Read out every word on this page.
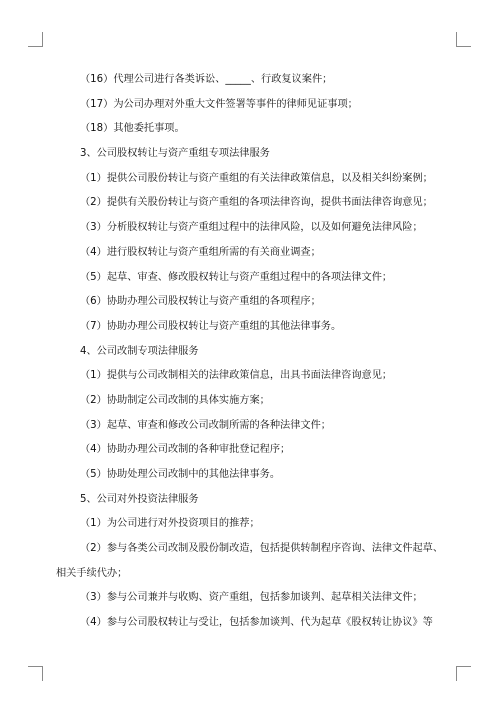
（16）代理公司进行各类诉讼、_____、行政复议案件；
（17）为公司办理对外重大文件签署等事件的律师见证事项；
（18）其他委托事项。
3、公司股权转让与资产重组专项法律服务
（1）提供公司股份转让与资产重组的有关法律政策信息，以及相关纠纷案例；
（2）提供有关股份转让与资产重组的各项法律咨询，提供书面法律咨询意见；
（3）分析股权转让与资产重组过程中的法律风险，以及如何避免法律风险；
（4）进行股权转让与资产重组所需的有关商业调查；
（5）起草、审查、修改股权转让与资产重组过程中的各项法律文件；
（6）协助办理公司股权转让与资产重组的各项程序；
（7）协助办理公司股权转让与资产重组的其他法律事务。
4、公司改制专项法律服务
（1）提供与公司改制相关的法律政策信息，出具书面法律咨询意见；
（2）协助制定公司改制的具体实施方案；
（3）起草、审查和修改公司改制所需的各种法律文件；
（4）协助办理公司改制的各种审批登记程序；
（5）协助处理公司改制中的其他法律事务。
5、公司对外投资法律服务
（1）为公司进行对外投资项目的推荐；
（2）参与各类公司改制及股份制改造，包括提供转制程序咨询、法律文件起草、
相关手续代办；
（3）参与公司兼并与收购、资产重组，包括参加谈判、起草相关法律文件；
（4）参与公司股权转让与受让，包括参加谈判、代为起草《股权转让协议》等
